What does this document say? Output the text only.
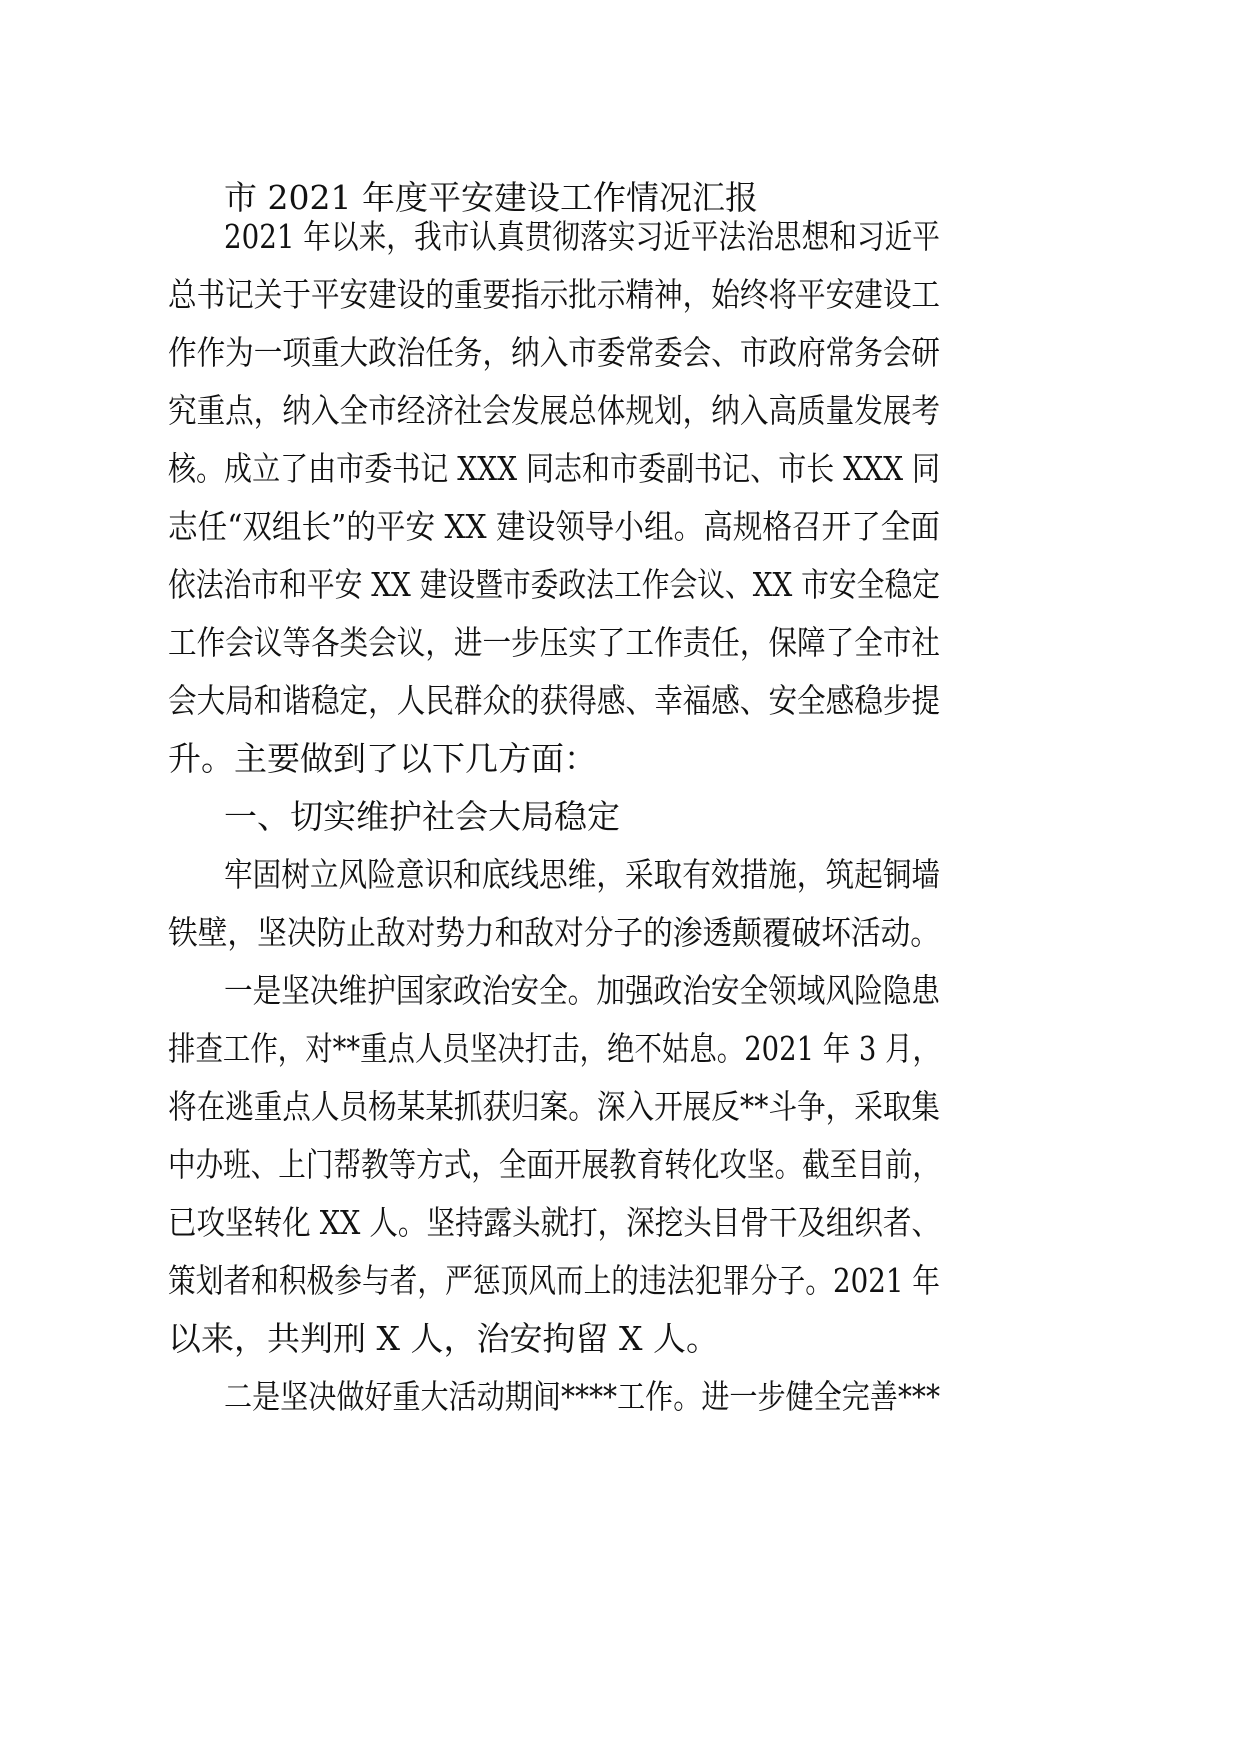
市 2021 年度平安建设工作情况汇报
2021 年以来，我市认真贯彻落实习近平法治思想和习近平
总书记关于平安建设的重要指示批示精神，始终将平安建设工
作作为一项重大政治任务，纳入市委常委会、市政府常务会研
究重点，纳入全市经济社会发展总体规划，纳入高质量发展考
核。成立了由市委书记 XXX 同志和市委副书记、市长 XXX 同
志任“双组长”的平安 XX 建设领导小组。高规格召开了全面
依法治市和平安 XX 建设暨市委政法工作会议、XX 市安全稳定
工作会议等各类会议，进一步压实了工作责任，保障了全市社
会大局和谐稳定，人民群众的获得感、幸福感、安全感稳步提
升。主要做到了以下几方面：
一、切实维护社会大局稳定
牢固树立风险意识和底线思维，采取有效措施，筑起铜墙
铁壁，坚决防止敌对势力和敌对分子的渗透颠覆破坏活动。
一是坚决维护国家政治安全。加强政治安全领域风险隐患
排查工作，对**重点人员坚决打击，绝不姑息。2021 年 3 月，
将在逃重点人员杨某某抓获归案。深入开展反**斗争，采取集
中办班、上门帮教等方式，全面开展教育转化攻坚。截至目前，
已攻坚转化 XX 人。坚持露头就打，深挖头目骨干及组织者、
策划者和积极参与者，严惩顶风而上的违法犯罪分子。2021 年
以来，共判刑 X 人，治安拘留 X 人。
二是坚决做好重大活动期间****工作。进一步健全完善***
